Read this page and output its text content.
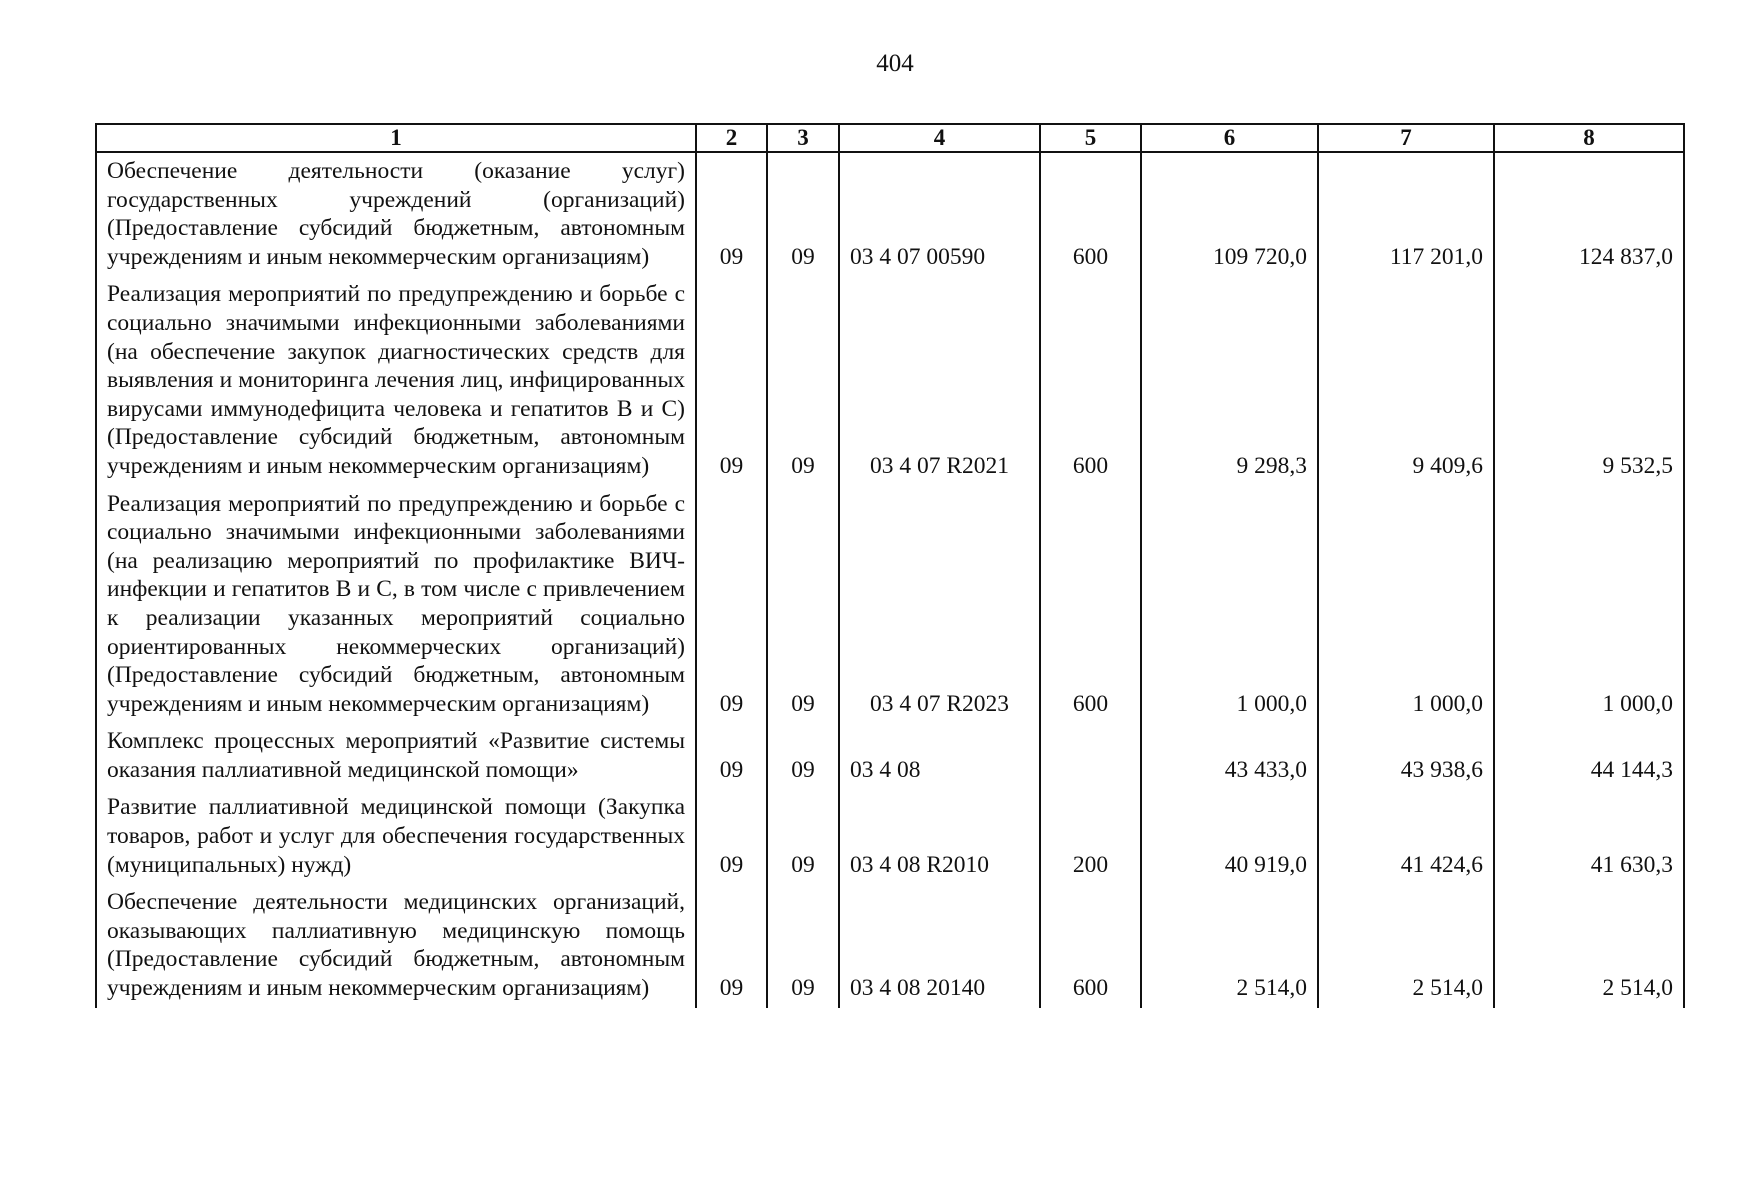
404
1	2	3	4	5	6	7	8
Обеспечение деятельности (оказание услуг) государственных учреждений (организаций) (Предоставление субсидий бюджетным, автономным учреждениям и иным некоммерческим организациям)	09	09	03 4 07 00590	600	109 720,0	117 201,0	124 837,0
Реализация мероприятий по предупреждению и борьбе с социально значимыми инфекционными заболеваниями (на обеспечение закупок диагностических средств для выявления и мониторинга лечения лиц, инфицированных вирусами иммунодефицита человека и гепатитов B и C) (Предоставление субсидий бюджетным, автономным учреждениям и иным некоммерческим организациям)	09	09	03 4 07 R2021	600	9 298,3	9 409,6	9 532,5
Реализация мероприятий по предупреждению и борьбе с социально значимыми инфекционными заболеваниями (на реализацию мероприятий по профилактике ВИЧ-инфекции и гепатитов B и C, в том числе с привлечением к реализации указанных мероприятий социально ориентированных некоммерческих организаций) (Предоставление субсидий бюджетным, автономным учреждениям и иным некоммерческим организациям)	09	09	03 4 07 R2023	600	1 000,0	1 000,0	1 000,0
Комплекс процессных мероприятий «Развитие системы оказания паллиативной медицинской помощи»	09	09	03 4 08		43 433,0	43 938,6	44 144,3
Развитие паллиативной медицинской помощи (Закупка товаров, работ и услуг для обеспечения государственных (муниципальных) нужд)	09	09	03 4 08 R2010	200	40 919,0	41 424,6	41 630,3
Обеспечение деятельности медицинских организаций, оказывающих паллиативную медицинскую помощь (Предоставление субсидий бюджетным, автономным учреждениям и иным некоммерческим организациям)	09	09	03 4 08 20140	600	2 514,0	2 514,0	2 514,0
